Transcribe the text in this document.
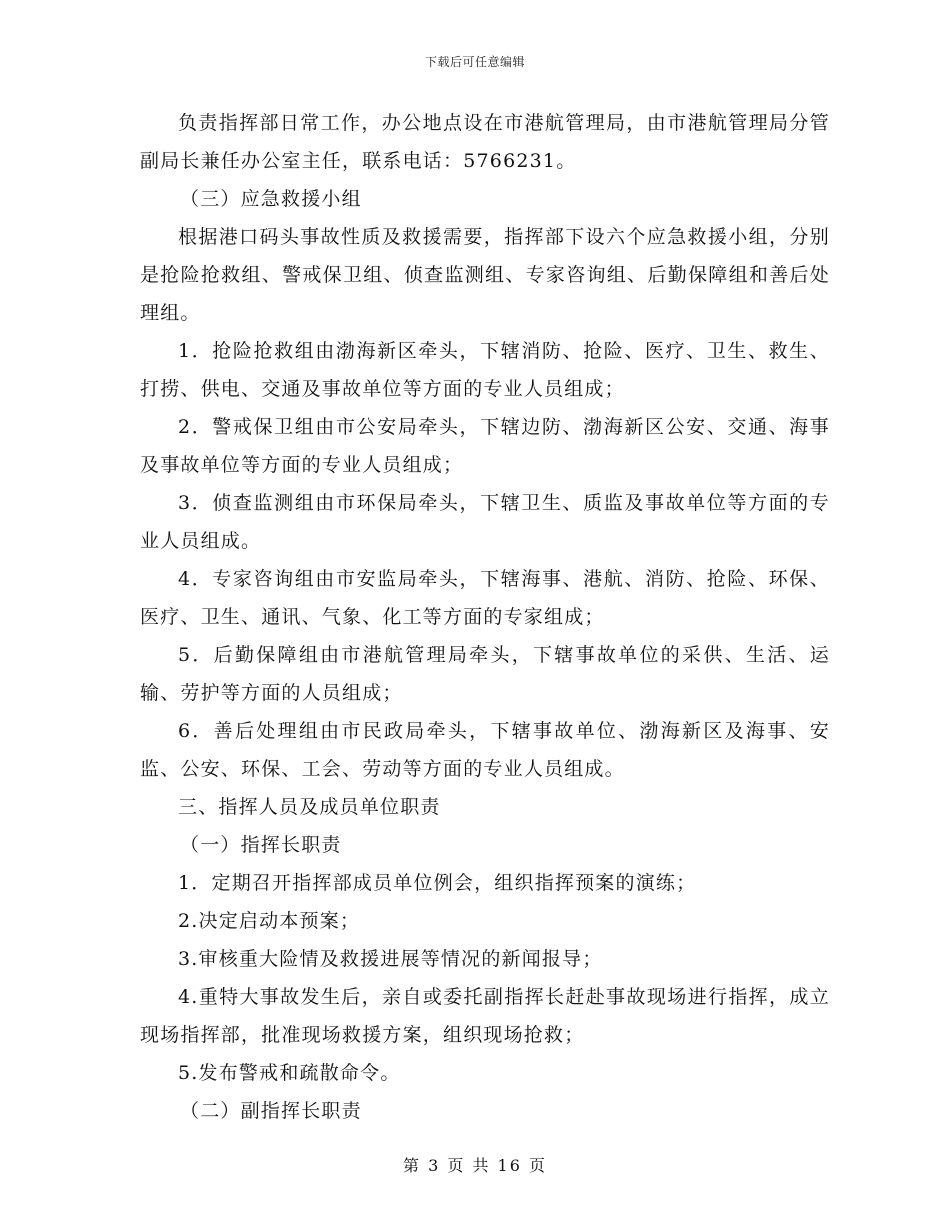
下载后可任意编辑

负责指挥部日常工作，办公地点设在市港航管理局，由市港航管理局分管副局长兼任办公室主任，联系电话：5766231。

（三）应急救援小组

根据港口码头事故性质及救援需要，指挥部下设六个应急救援小组，分别是抢险抢救组、警戒保卫组、侦查监测组、专家咨询组、后勤保障组和善后处理组。

1．抢险抢救组由渤海新区牵头，下辖消防、抢险、医疗、卫生、救生、打捞、供电、交通及事故单位等方面的专业人员组成；

2．警戒保卫组由市公安局牵头，下辖边防、渤海新区公安、交通、海事及事故单位等方面的专业人员组成；

3．侦查监测组由市环保局牵头，下辖卫生、质监及事故单位等方面的专业人员组成。

4．专家咨询组由市安监局牵头，下辖海事、港航、消防、抢险、环保、医疗、卫生、通讯、气象、化工等方面的专家组成；

5．后勤保障组由市港航管理局牵头，下辖事故单位的采供、生活、运输、劳护等方面的人员组成；

6．善后处理组由市民政局牵头，下辖事故单位、渤海新区及海事、安监、公安、环保、工会、劳动等方面的专业人员组成。

三、指挥人员及成员单位职责

（一）指挥长职责

1．定期召开指挥部成员单位例会，组织指挥预案的演练；

2.决定启动本预案；

3.审核重大险情及救援进展等情况的新闻报导；

4.重特大事故发生后，亲自或委托副指挥长赶赴事故现场进行指挥，成立现场指挥部，批准现场救援方案，组织现场抢救；

5.发布警戒和疏散命令。

（二）副指挥长职责

第 3 页 共 16 页
